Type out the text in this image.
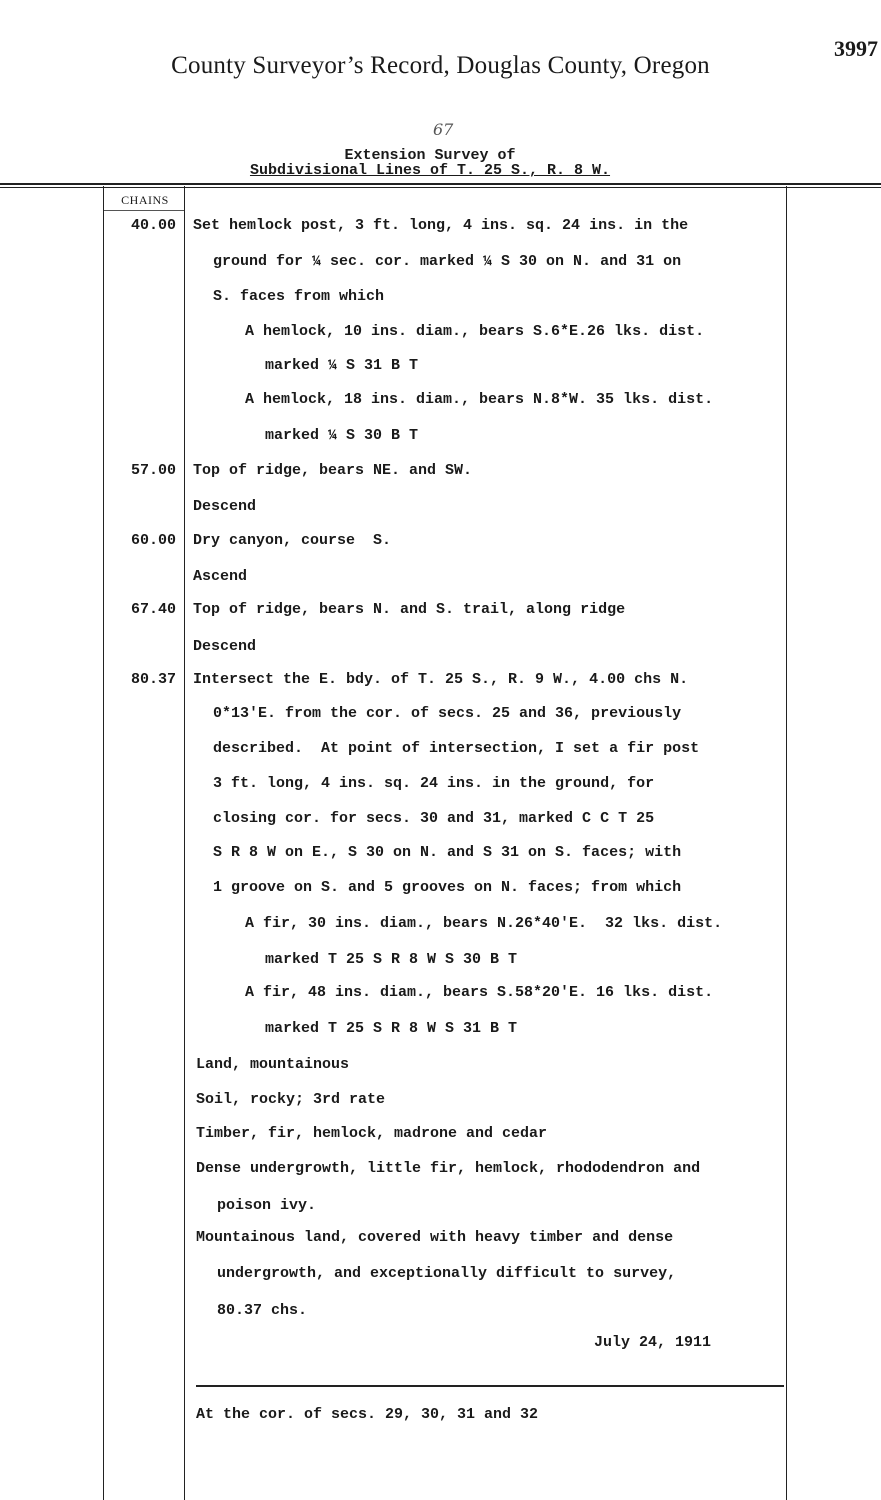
County Surveyor’s Record, Douglas County, Oregon
3997
67
Extension Survey of
Subdivisional Lines of T. 25 S., R. 8 W.
CHAINS
40.00
57.00
60.00
67.40
80.37
Set hemlock post, 3 ft. long, 4 ins. sq. 24 ins. in the
ground for ¼ sec. cor. marked ¼ S 30 on N. and 31 on
S. faces from which
A hemlock, 10 ins. diam., bears S.6*E.26 lks. dist.
marked ¼ S 31 B T
A hemlock, 18 ins. diam., bears N.8*W. 35 lks. dist.
marked ¼ S 30 B T
Top of ridge, bears NE. and SW.
Descend
Dry canyon, course  S.
Ascend
Top of ridge, bears N. and S. trail, along ridge
Descend
Intersect the E. bdy. of T. 25 S., R. 9 W., 4.00 chs N.
0*13'E. from the cor. of secs. 25 and 36, previously
described.  At point of intersection, I set a fir post
3 ft. long, 4 ins. sq. 24 ins. in the ground, for
closing cor. for secs. 30 and 31, marked C C T 25
S R 8 W on E., S 30 on N. and S 31 on S. faces; with
1 groove on S. and 5 grooves on N. faces; from which
A fir, 30 ins. diam., bears N.26*40'E.  32 lks. dist.
marked T 25 S R 8 W S 30 B T
A fir, 48 ins. diam., bears S.58*20'E. 16 lks. dist.
marked T 25 S R 8 W S 31 B T
Land, mountainous
Soil, rocky; 3rd rate
Timber, fir, hemlock, madrone and cedar
Dense undergrowth, little fir, hemlock, rhododendron and
poison ivy.
Mountainous land, covered with heavy timber and dense
undergrowth, and exceptionally difficult to survey,
80.37 chs.
July 24, 1911
At the cor. of secs. 29, 30, 31 and 32
